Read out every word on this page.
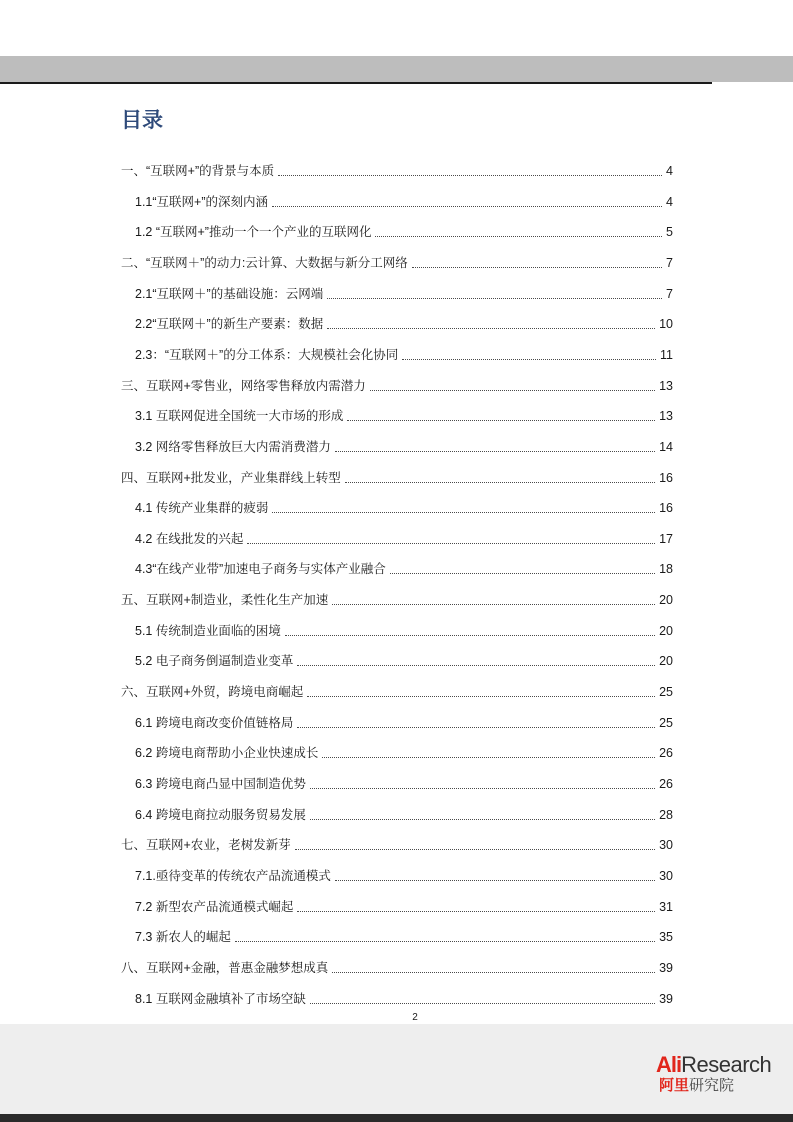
目录
一、“互联网+”的背景与本质	4
1.1“互联网+”的深刻内涵	4
1.2 “互联网+”推动一个一个产业的互联网化	5
二、“互联网＋”的动力:云计算、大数据与新分工网络	7
2.1“互联网＋”的基础设施：云网端	7
2.2“互联网＋”的新生产要素：数据	10
2.3：“互联网＋”的分工体系：大规模社会化协同	11
三、互联网+零售业，网络零售释放内需潜力	13
3.1 互联网促进全国统一大市场的形成	13
3.2 网络零售释放巨大内需消费潜力	14
四、互联网+批发业，产业集群线上转型	16
4.1 传统产业集群的疲弱	16
4.2 在线批发的兴起	17
4.3“在线产业带”加速电子商务与实体产业融合	18
五、互联网+制造业，柔性化生产加速	20
5.1 传统制造业面临的困境	20
5.2 电子商务倒逼制造业变革	20
六、互联网+外贸，跨境电商崛起	25
6.1 跨境电商改变价值链格局	25
6.2 跨境电商帮助小企业快速成长	26
6.3 跨境电商凸显中国制造优势	26
6.4 跨境电商拉动服务贸易发展	28
七、互联网+农业，老树发新芽	30
7.1.亟待变革的传统农产品流通模式	30
7.2 新型农产品流通模式崛起	31
7.3 新农人的崛起	35
八、互联网+金融，普惠金融梦想成真	39
8.1 互联网金融填补了市场空缺	39
2
AliResearch
阿里研究院
